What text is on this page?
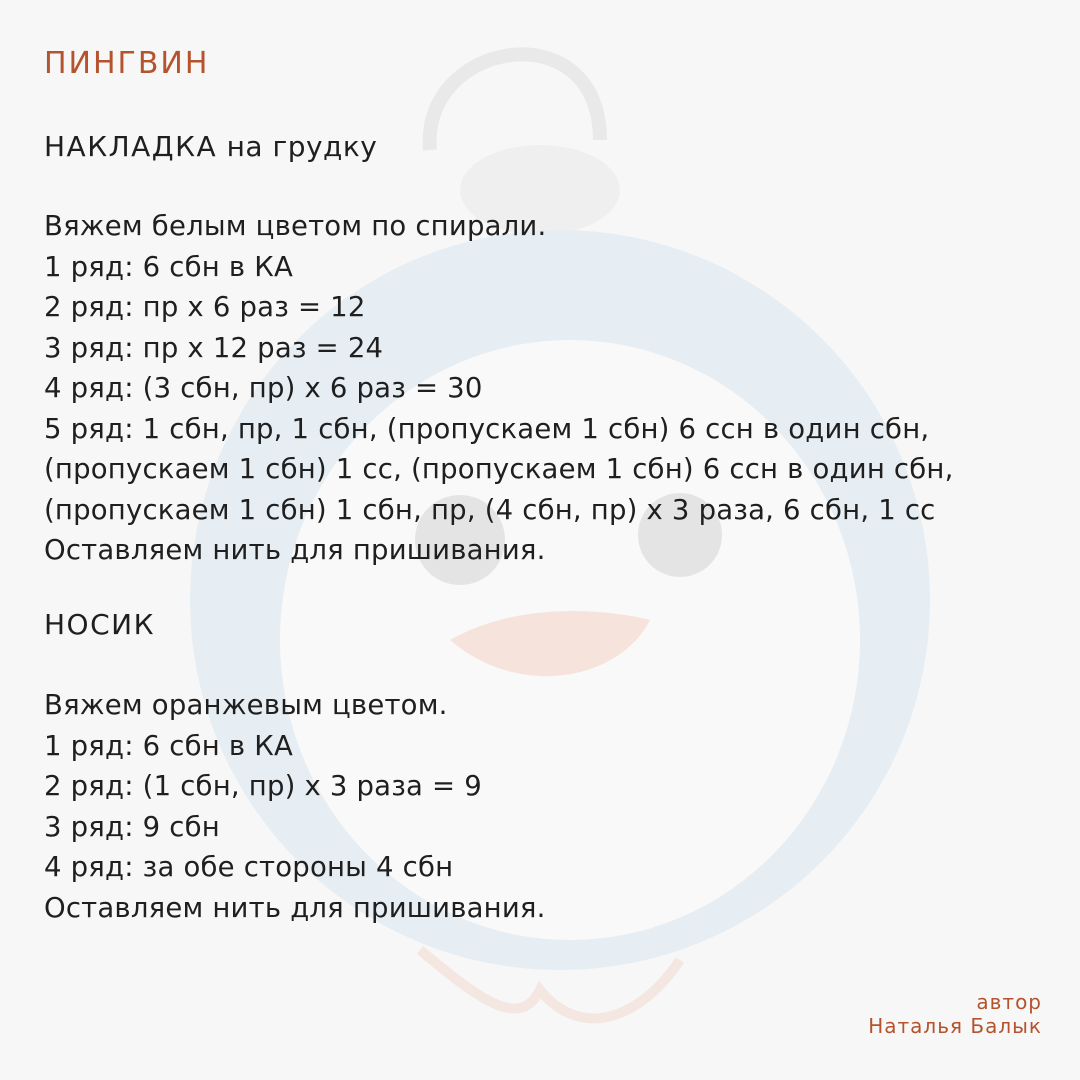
ПИНГВИН
НАКЛАДКА на грудку
Вяжем белым цветом по спирали.
1 ряд: 6 сбн в КА
2 ряд: пр х 6 раз = 12
3 ряд: пр х 12 раз = 24
4 ряд: (3 сбн, пр) х 6 раз = 30
5 ряд: 1 сбн, пр, 1 сбн, (пропускаем 1 сбн) 6 ссн в один сбн,
(пропускаем 1 сбн) 1 сс, (пропускаем 1 сбн) 6 ссн в один сбн,
(пропускаем 1 сбн) 1 сбн, пр, (4 сбн, пр) х 3 раза, 6 сбн, 1 сс
Оставляем нить для пришивания.
НОСИК
Вяжем оранжевым цветом.
1 ряд: 6 сбн в КА
2 ряд: (1 сбн, пр) х 3 раза = 9
3 ряд: 9 сбн
4 ряд: за обе стороны 4 сбн
Оставляем нить для пришивания.
автор
Наталья Балык
